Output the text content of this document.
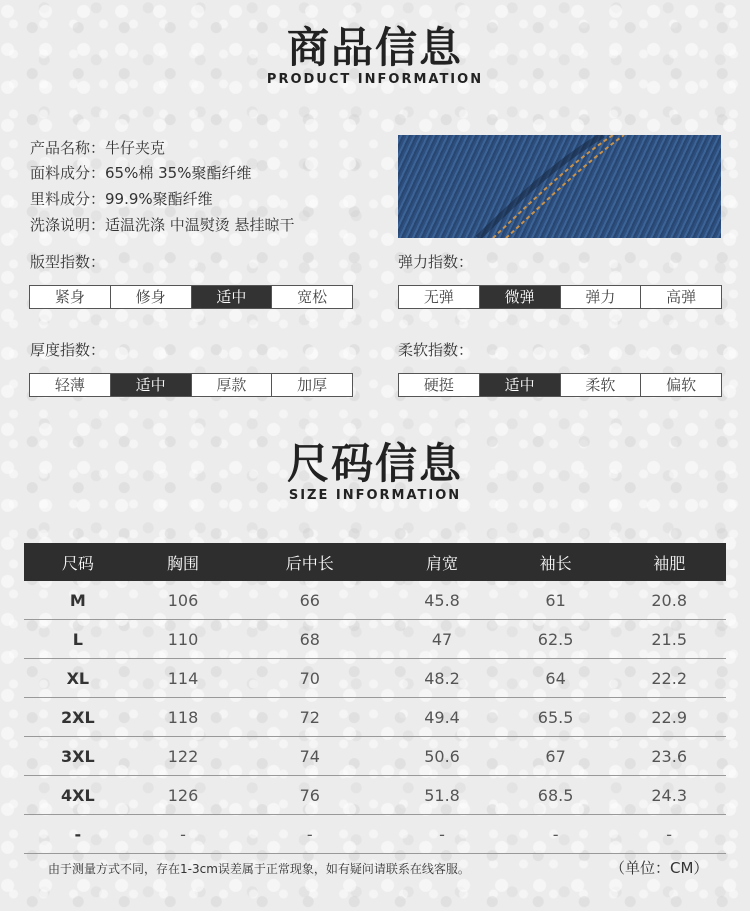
商品信息
PRODUCT INFORMATION
产品名称：牛仔夹克
面料成分：65%棉 35%聚酯纤维
里料成分：99.9%聚酯纤维
洗涤说明：适温洗涤 中温熨烫 悬挂晾干
版型指数：
紧身	修身	适中	宽松
弹力指数：
无弹	微弹	弹力	高弹
厚度指数：
轻薄	适中	厚款	加厚
柔软指数：
硬挺	适中	柔软	偏软
尺码信息
SIZE INFORMATION
尺码	胸围	后中长	肩宽	袖长	袖肥
M	106	66	45.8	61	20.8
L	110	68	47	62.5	21.5
XL	114	70	48.2	64	22.2
2XL	118	72	49.4	65.5	22.9
3XL	122	74	50.6	67	23.6
4XL	126	76	51.8	68.5	24.3
-	-	-	-	-	-
由于测量方式不同，存在1-3cm误差属于正常现象，如有疑问请联系在线客服。	（单位：CM）
